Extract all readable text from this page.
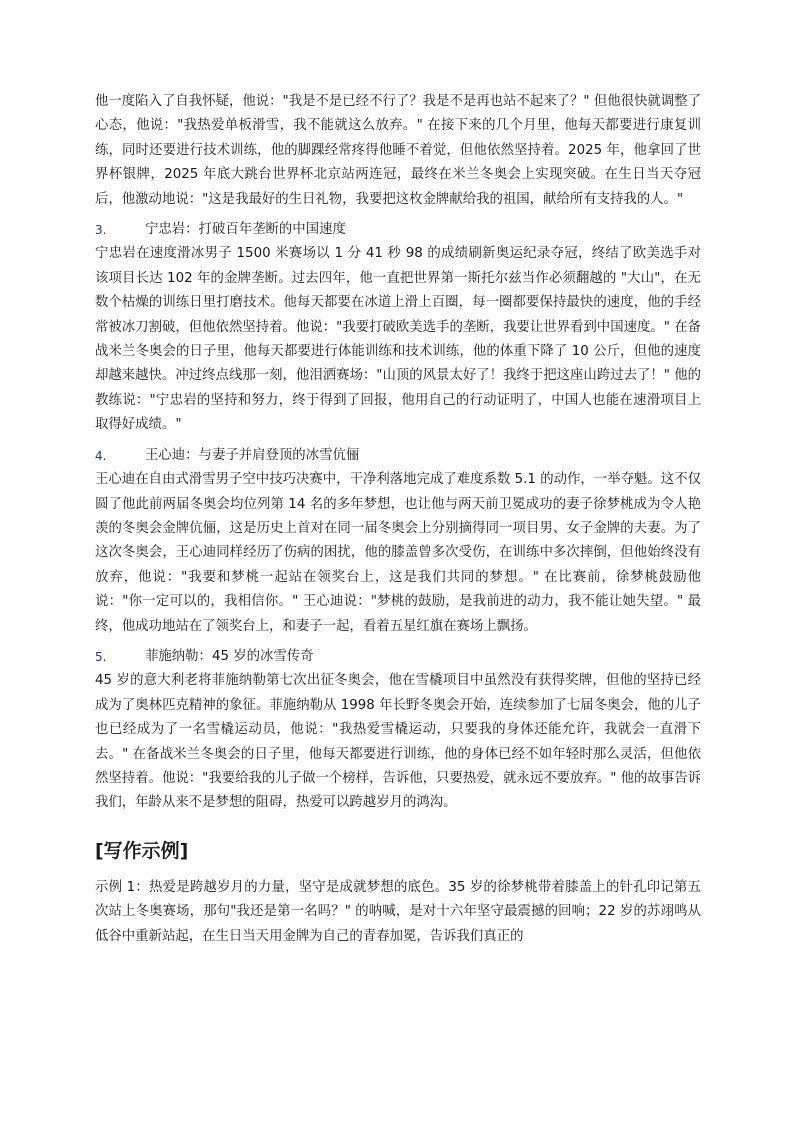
他一度陷入了自我怀疑，他说："我是不是已经不行了？我是不是再也站不起来了？" 但他很快就调整了心态，他说："我热爱单板滑雪，我不能就这么放弃。" 在接下来的几个月里，他每天都要进行康复训练，同时还要进行技术训练，他的脚踝经常疼得他睡不着觉，但他依然坚持着。2025 年，他拿回了世界杯银牌，2025 年底大跳台世界杯北京站两连冠，最终在米兰冬奥会上实现突破。在生日当天夺冠后，他激动地说："这是我最好的生日礼物，我要把这枚金牌献给我的祖国，献给所有支持我的人。"

3.	宁忠岩：打破百年垄断的中国速度

宁忠岩在速度滑冰男子 1500 米赛场以 1 分 41 秒 98 的成绩刷新奥运纪录夺冠，终结了欧美选手对该项目长达 102 年的金牌垄断。过去四年，他一直把世界第一斯托尔兹当作必须翻越的 "大山"，在无数个枯燥的训练日里打磨技术。他每天都要在冰道上滑上百圈，每一圈都要保持最快的速度，他的手经常被冰刀割破，但他依然坚持着。他说："我要打破欧美选手的垄断，我要让世界看到中国速度。" 在备战米兰冬奥会的日子里，他每天都要进行体能训练和技术训练，他的体重下降了 10 公斤，但他的速度却越来越快。冲过终点线那一刻，他泪洒赛场："山顶的风景太好了！我终于把这座山跨过去了！" 他的教练说："宁忠岩的坚持和努力，终于得到了回报，他用自己的行动证明了，中国人也能在速滑项目上取得好成绩。"

4.	王心迪：与妻子并肩登顶的冰雪伉俪

王心迪在自由式滑雪男子空中技巧决赛中，干净利落地完成了难度系数 5.1 的动作，一举夺魁。这不仅圆了他此前两届冬奥会均位列第 14 名的多年梦想，也让他与两天前卫冕成功的妻子徐梦桃成为令人艳羡的冬奥会金牌伉俪，这是历史上首对在同一届冬奥会上分别摘得同一项目男、女子金牌的夫妻。为了这次冬奥会，王心迪同样经历了伤病的困扰，他的膝盖曾多次受伤，在训练中多次摔倒，但他始终没有放弃，他说："我要和梦桃一起站在领奖台上，这是我们共同的梦想。" 在比赛前，徐梦桃鼓励他说："你一定可以的，我相信你。" 王心迪说："梦桃的鼓励，是我前进的动力，我不能让她失望。" 最终，他成功地站在了领奖台上，和妻子一起，看着五星红旗在赛场上飘扬。

5.	菲施纳勒：45 岁的冰雪传奇

45 岁的意大利老将菲施纳勒第七次出征冬奥会，他在雪橇项目中虽然没有获得奖牌，但他的坚持已经成为了奥林匹克精神的象征。菲施纳勒从 1998 年长野冬奥会开始，连续参加了七届冬奥会，他的儿子也已经成为了一名雪橇运动员，他说："我热爱雪橇运动，只要我的身体还能允许，我就会一直滑下去。" 在备战米兰冬奥会的日子里，他每天都要进行训练，他的身体已经不如年轻时那么灵活，但他依然坚持着。他说："我要给我的儿子做一个榜样，告诉他，只要热爱，就永远不要放弃。" 他的故事告诉我们，年龄从来不是梦想的阻碍，热爱可以跨越岁月的鸿沟。

[写作示例]

示例 1：热爱是跨越岁月的力量，坚守是成就梦想的底色。35 岁的徐梦桃带着膝盖上的针孔印记第五次站上冬奥赛场，那句"我还是第一名吗？" 的呐喊，是对十六年坚守最震撼的回响；22 岁的苏翊鸣从低谷中重新站起，在生日当天用金牌为自己的青春加冕，告诉我们真正的
